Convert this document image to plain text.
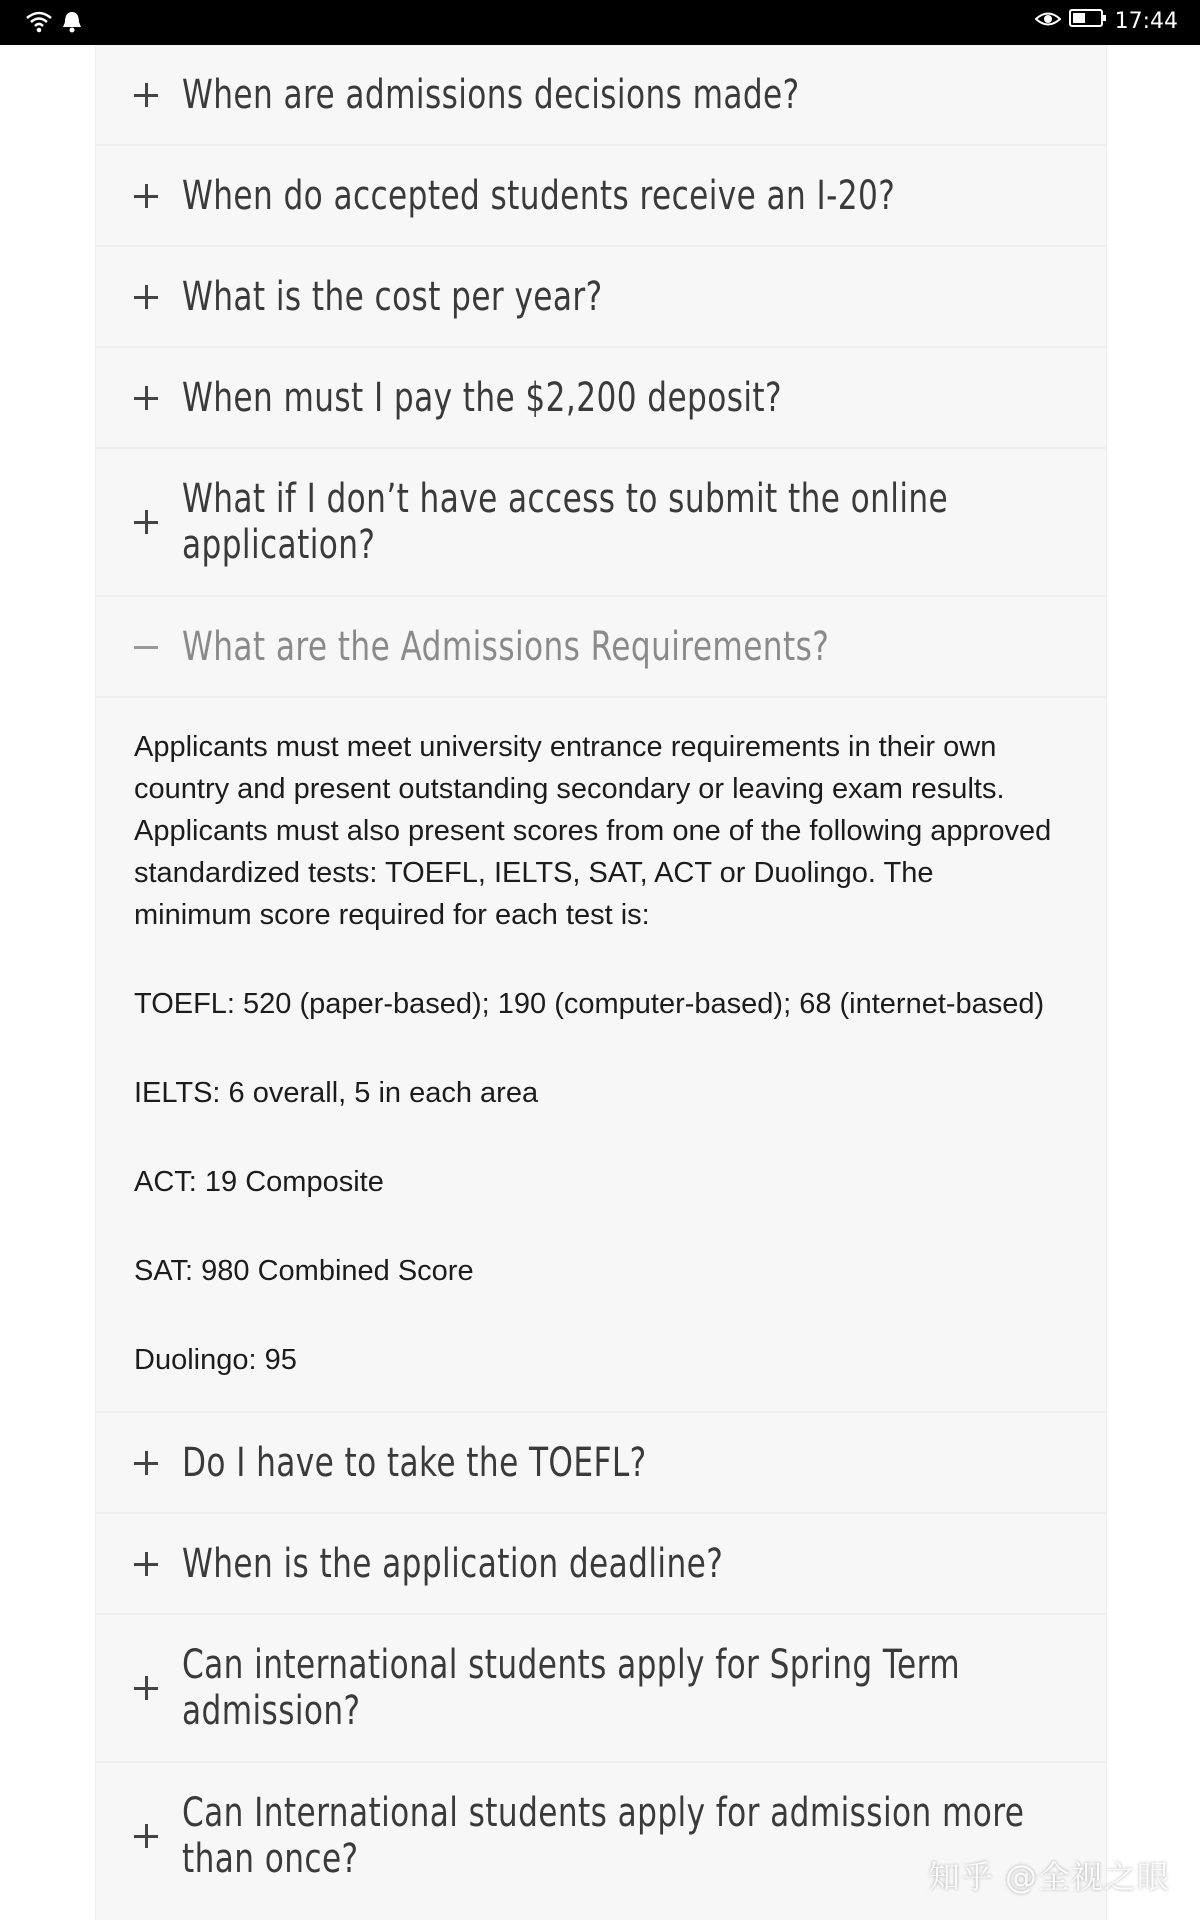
17:44
When are admissions decisions made?
When do accepted students receive an I-20?
What is the cost per year?
When must I pay the $2,200 deposit?
What if I don’t have access to submit the online application?
What are the Admissions Requirements?

Applicants must meet university entrance requirements in their own country and present outstanding secondary or leaving exam results. Applicants must also present scores from one of the following approved standardized tests: TOEFL, IELTS, SAT, ACT or Duolingo. The minimum score required for each test is:

TOEFL: 520 (paper-based); 190 (computer-based); 68 (internet-based)

IELTS: 6 overall, 5 in each area

ACT: 19 Composite

SAT: 980 Combined Score

Duolingo: 95

Do I have to take the TOEFL?
When is the application deadline?
Can international students apply for Spring Term admission?
Can International students apply for admission more than once?	知乎 @全视之眼
